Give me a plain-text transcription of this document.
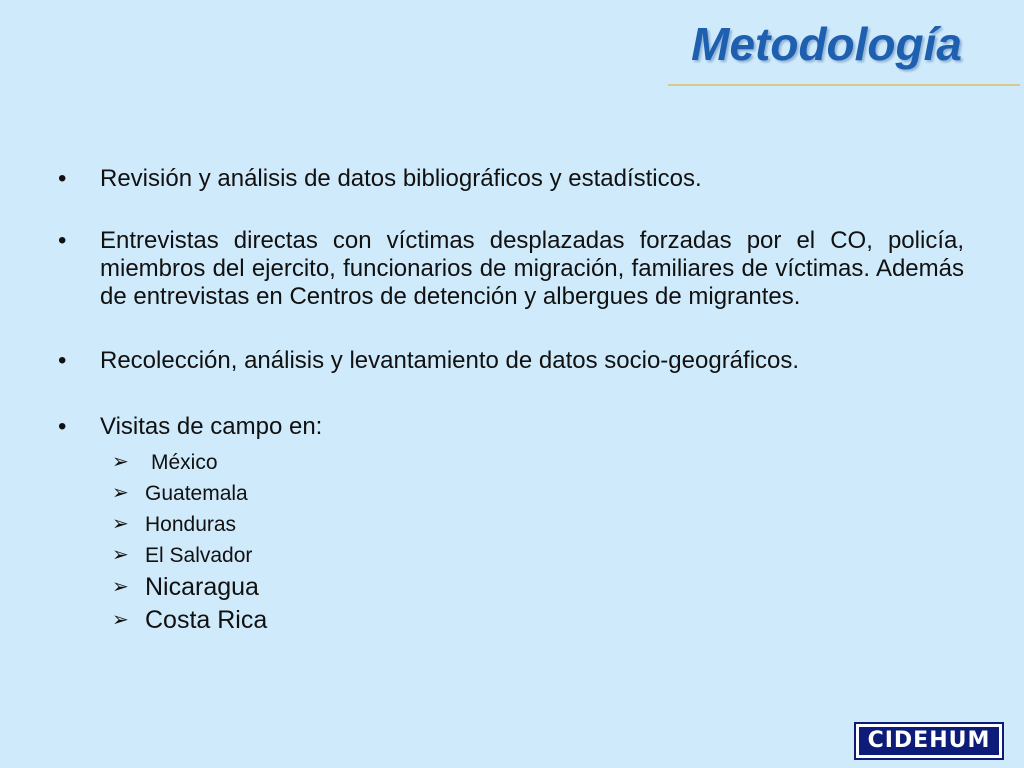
Metodología
•	Revisión y análisis de datos bibliográficos y estadísticos.
•	Entrevistas directas con víctimas desplazadas forzadas por el CO, policía, miembros del ejercito, funcionarios de migración, familiares de víctimas. Además de entrevistas en Centros de detención y albergues de migrantes.
•	Recolección, análisis y levantamiento de datos socio-geográficos.
•	Visitas de campo en:
➢ México
➢ Guatemala
➢ Honduras
➢ El Salvador
➢ Nicaragua
➢ Costa Rica
CIDEHUM
